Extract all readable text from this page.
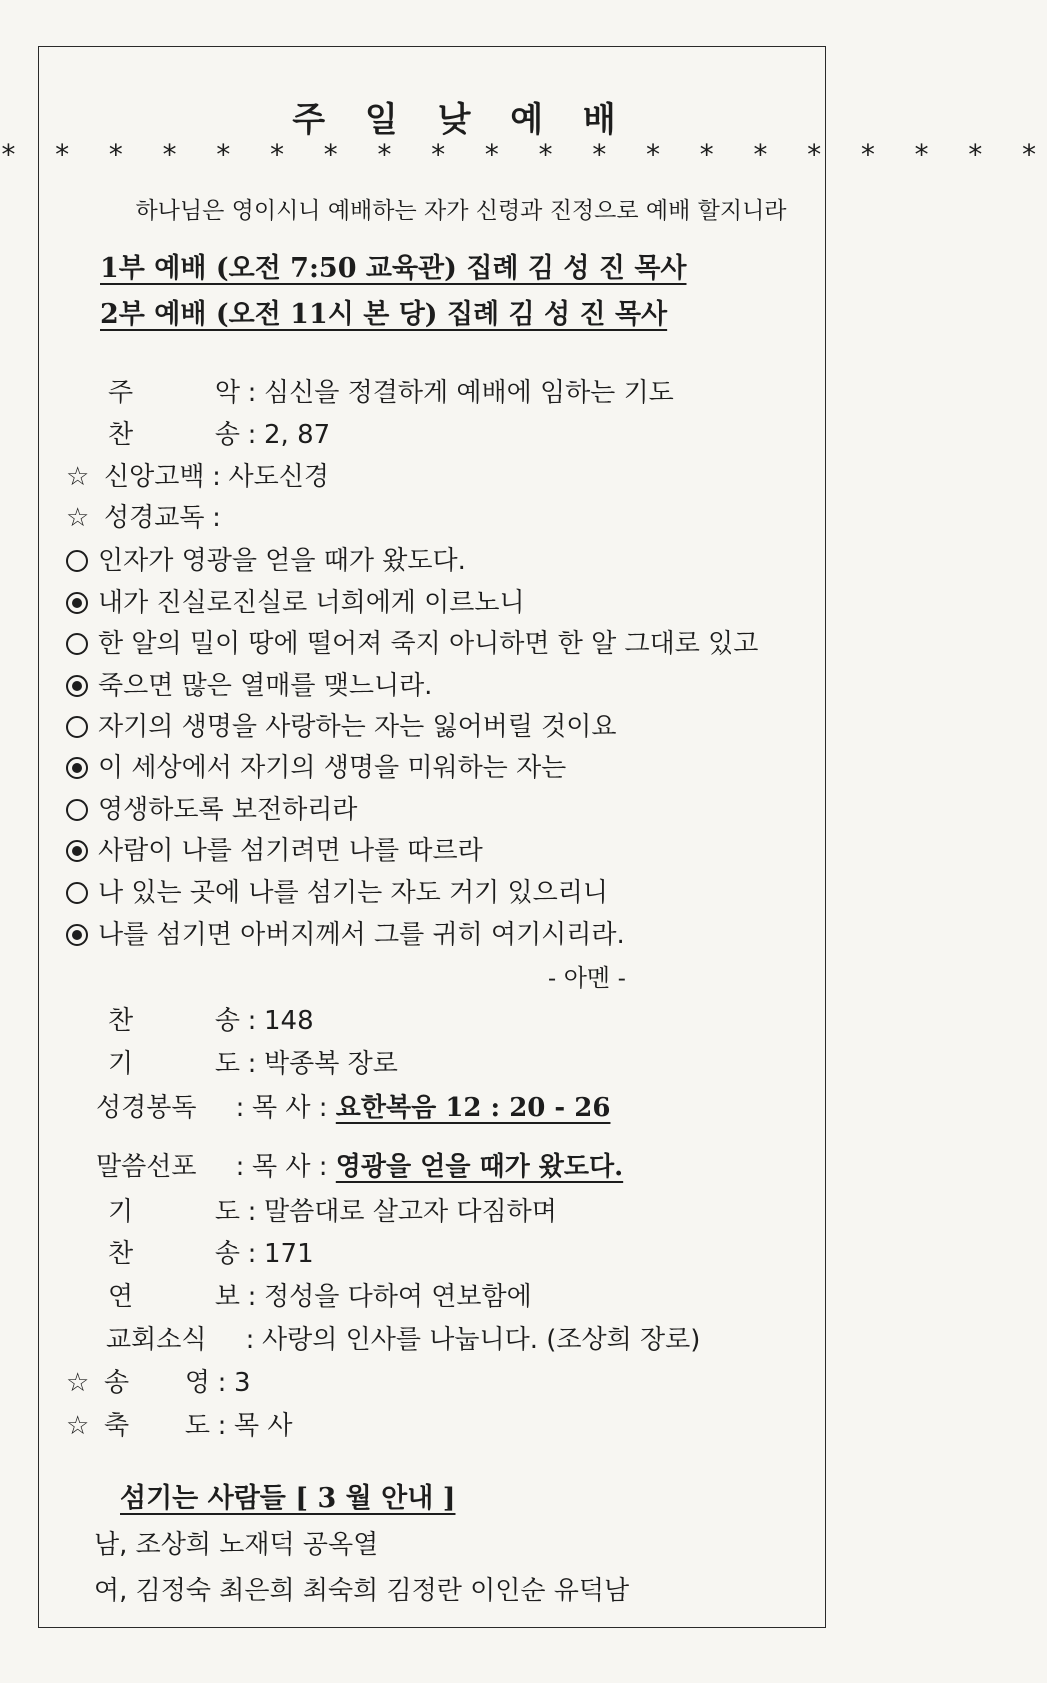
주 일 낮 예 배
* * * * * * * * * * * * * * * * * * * *
하나님은 영이시니 예배하는 자가 신령과 진정으로 예배 할지니라
1부 예배 (오전 7:50 교육관) 집례 김 성 진 목사
2부 예배 (오전 11시 본 당) 집례 김 성 진 목사
주 악 : 심신을 정결하게 예배에 임하는 기도
찬 송 : 2, 87
☆ 신앙고백 : 사도신경
☆ 성경교독 :
인자가 영광을 얻을 때가 왔도다.
내가 진실로진실로 너희에게 이르노니
한 알의 밀이 땅에 떨어져 죽지 아니하면 한 알 그대로 있고
죽으면 많은 열매를 맺느니라.
자기의 생명을 사랑하는 자는 잃어버릴 것이요
이 세상에서 자기의 생명을 미워하는 자는
영생하도록 보전하리라
사람이 나를 섬기려면 나를 따르라
나 있는 곳에 나를 섬기는 자도 거기 있으리니
나를 섬기면 아버지께서 그를 귀히 여기시리라.
- 아멘 -
찬 송 : 148
기 도 : 박종복 장로
성경봉독 : 목 사 : 요한복음 12 : 20 - 26
말씀선포 : 목 사 : 영광을 얻을 때가 왔도다.
기 도 : 말씀대로 살고자 다짐하며
찬 송 : 171
연 보 : 정성을 다하여 연보함에
교회소식 : 사랑의 인사를 나눕니다. (조상희 장로)
☆ 송 영 : 3
☆ 축 도 : 목 사
섬기는 사람들 [ 3 월 안내 ]
남, 조상희 노재덕 공옥열
여, 김정숙 최은희 최숙희 김정란 이인순 유덕남
